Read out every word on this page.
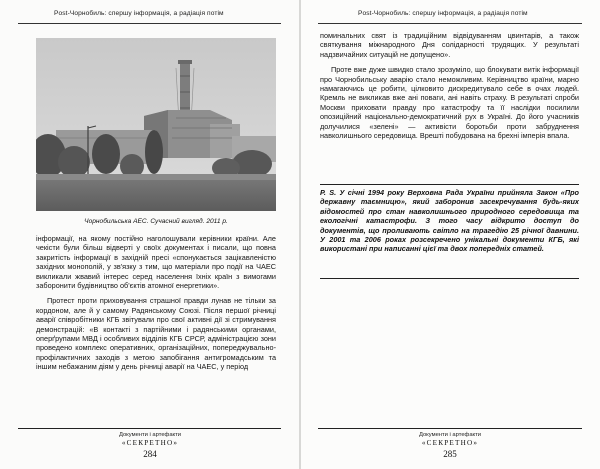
Post-Чорнобиль: спершу інформація, а радіація потім
Чорнобильська АЕС. Сучасний вигляд. 2011 р.

інформації, на якому постійно наголошували керівники країни. Але чекісти були більш відверті у своїх документах і писали, що повна закритість інформації в західній пресі «спонукається зацікавленістю західних монополій, у зв'язку з тим, що матеріали про події на ЧАЕС викликали жвавий інтерес серед населення їхніх країн з вимогами заборонити будівництво об'єктів атомної енергетики».

Протест проти приховування страшної правди лунав не тільки за кордоном, але й у самому Радянському Союзі. Після першої річниці аварії співробітники КГБ звітували про свої активні дії зі стримування демонстрацій: «В контакті з партійними і радянськими органами, оперґрупами МВД і особливих відділів КГБ СРСР, адміністрацією зони проведено комплекс оперативних, організаційних, попереджувально-профілактичних заходів з метою запобігання антигромадським та іншим небажаним діям у день річниці аварії на ЧАЕС, у період

Документи і артефакти
«СЕКРЕТНО»
284
Post-Чорнобиль: спершу інформація, а радіація потім

поминальних свят із традиційним відвідуванням цвинтарів, а також святкування міжнародного Дня солідарності трудящих. У результаті надзвичайних ситуацій не допущено».

Проте вже дуже швидко стало зрозуміло, що блокувати витік інформації про Чорнобильську аварію стало неможливим. Керівництво країни, марно намагаючись це робити, цілковито дискредитувало себе в очах людей. Кремль не викликав вже ані поваги, ані навіть страху. В результаті спроби Москви приховати правду про катастрофу та її наслідки посилили опозиційний національно-демократичний рух в Україні. До його учасників долучилися «зелені» — активісти боротьби проти забруднення навколишнього середовища. Врешті побудована на брехні імперія впала.

P. S. У січні 1994 року Верховна Рада України прийняла Закон «Про державну таємницю», який заборонив засекречування будь-яких відомостей про стан навколишнього природного середовища та екологічні катастрофи. З того часу відкрито доступ до документів, що проливають світло на трагедію 25 річної давнини. У 2001 та 2006 роках розсекречено унікальні документи КГБ, які використані при написанні цієї та двох попередніх статей.
Документи і артефакти
«СЕКРЕТНО»
285
